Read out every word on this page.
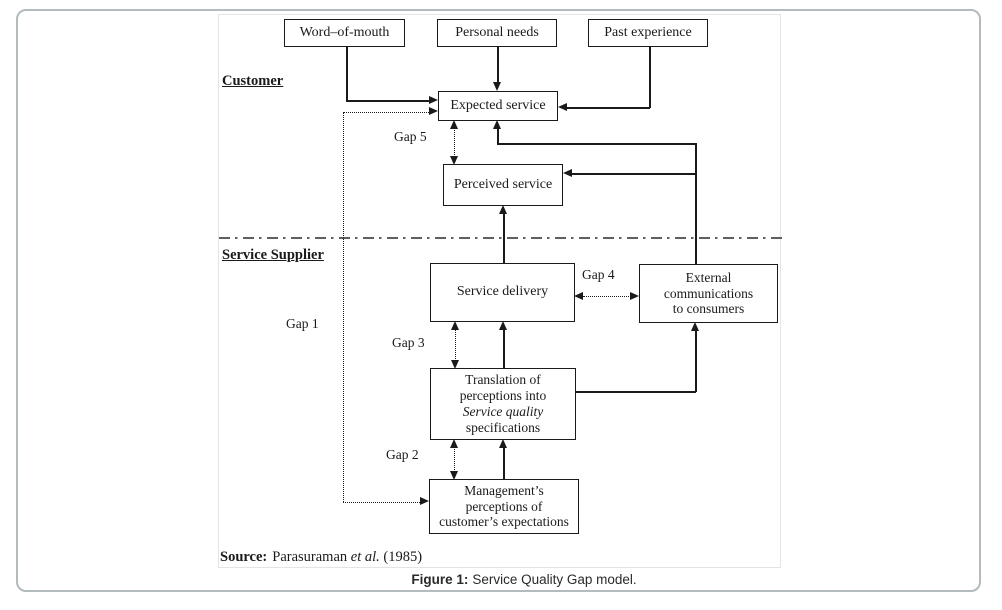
Customer
Service Supplier
Word–of-mouth	Personal needs	Past experience
Expected service
Perceived service
Service delivery
External
communications
to consumers
Translation of
perceptions into
Service quality
specifications
Management’s
perceptions of
customer’s expectations
Gap 5
Gap 1
Gap 4
Gap 3
Gap 2
Source: Parasuraman et al. (1985)
Figure 1: Service Quality Gap model.
